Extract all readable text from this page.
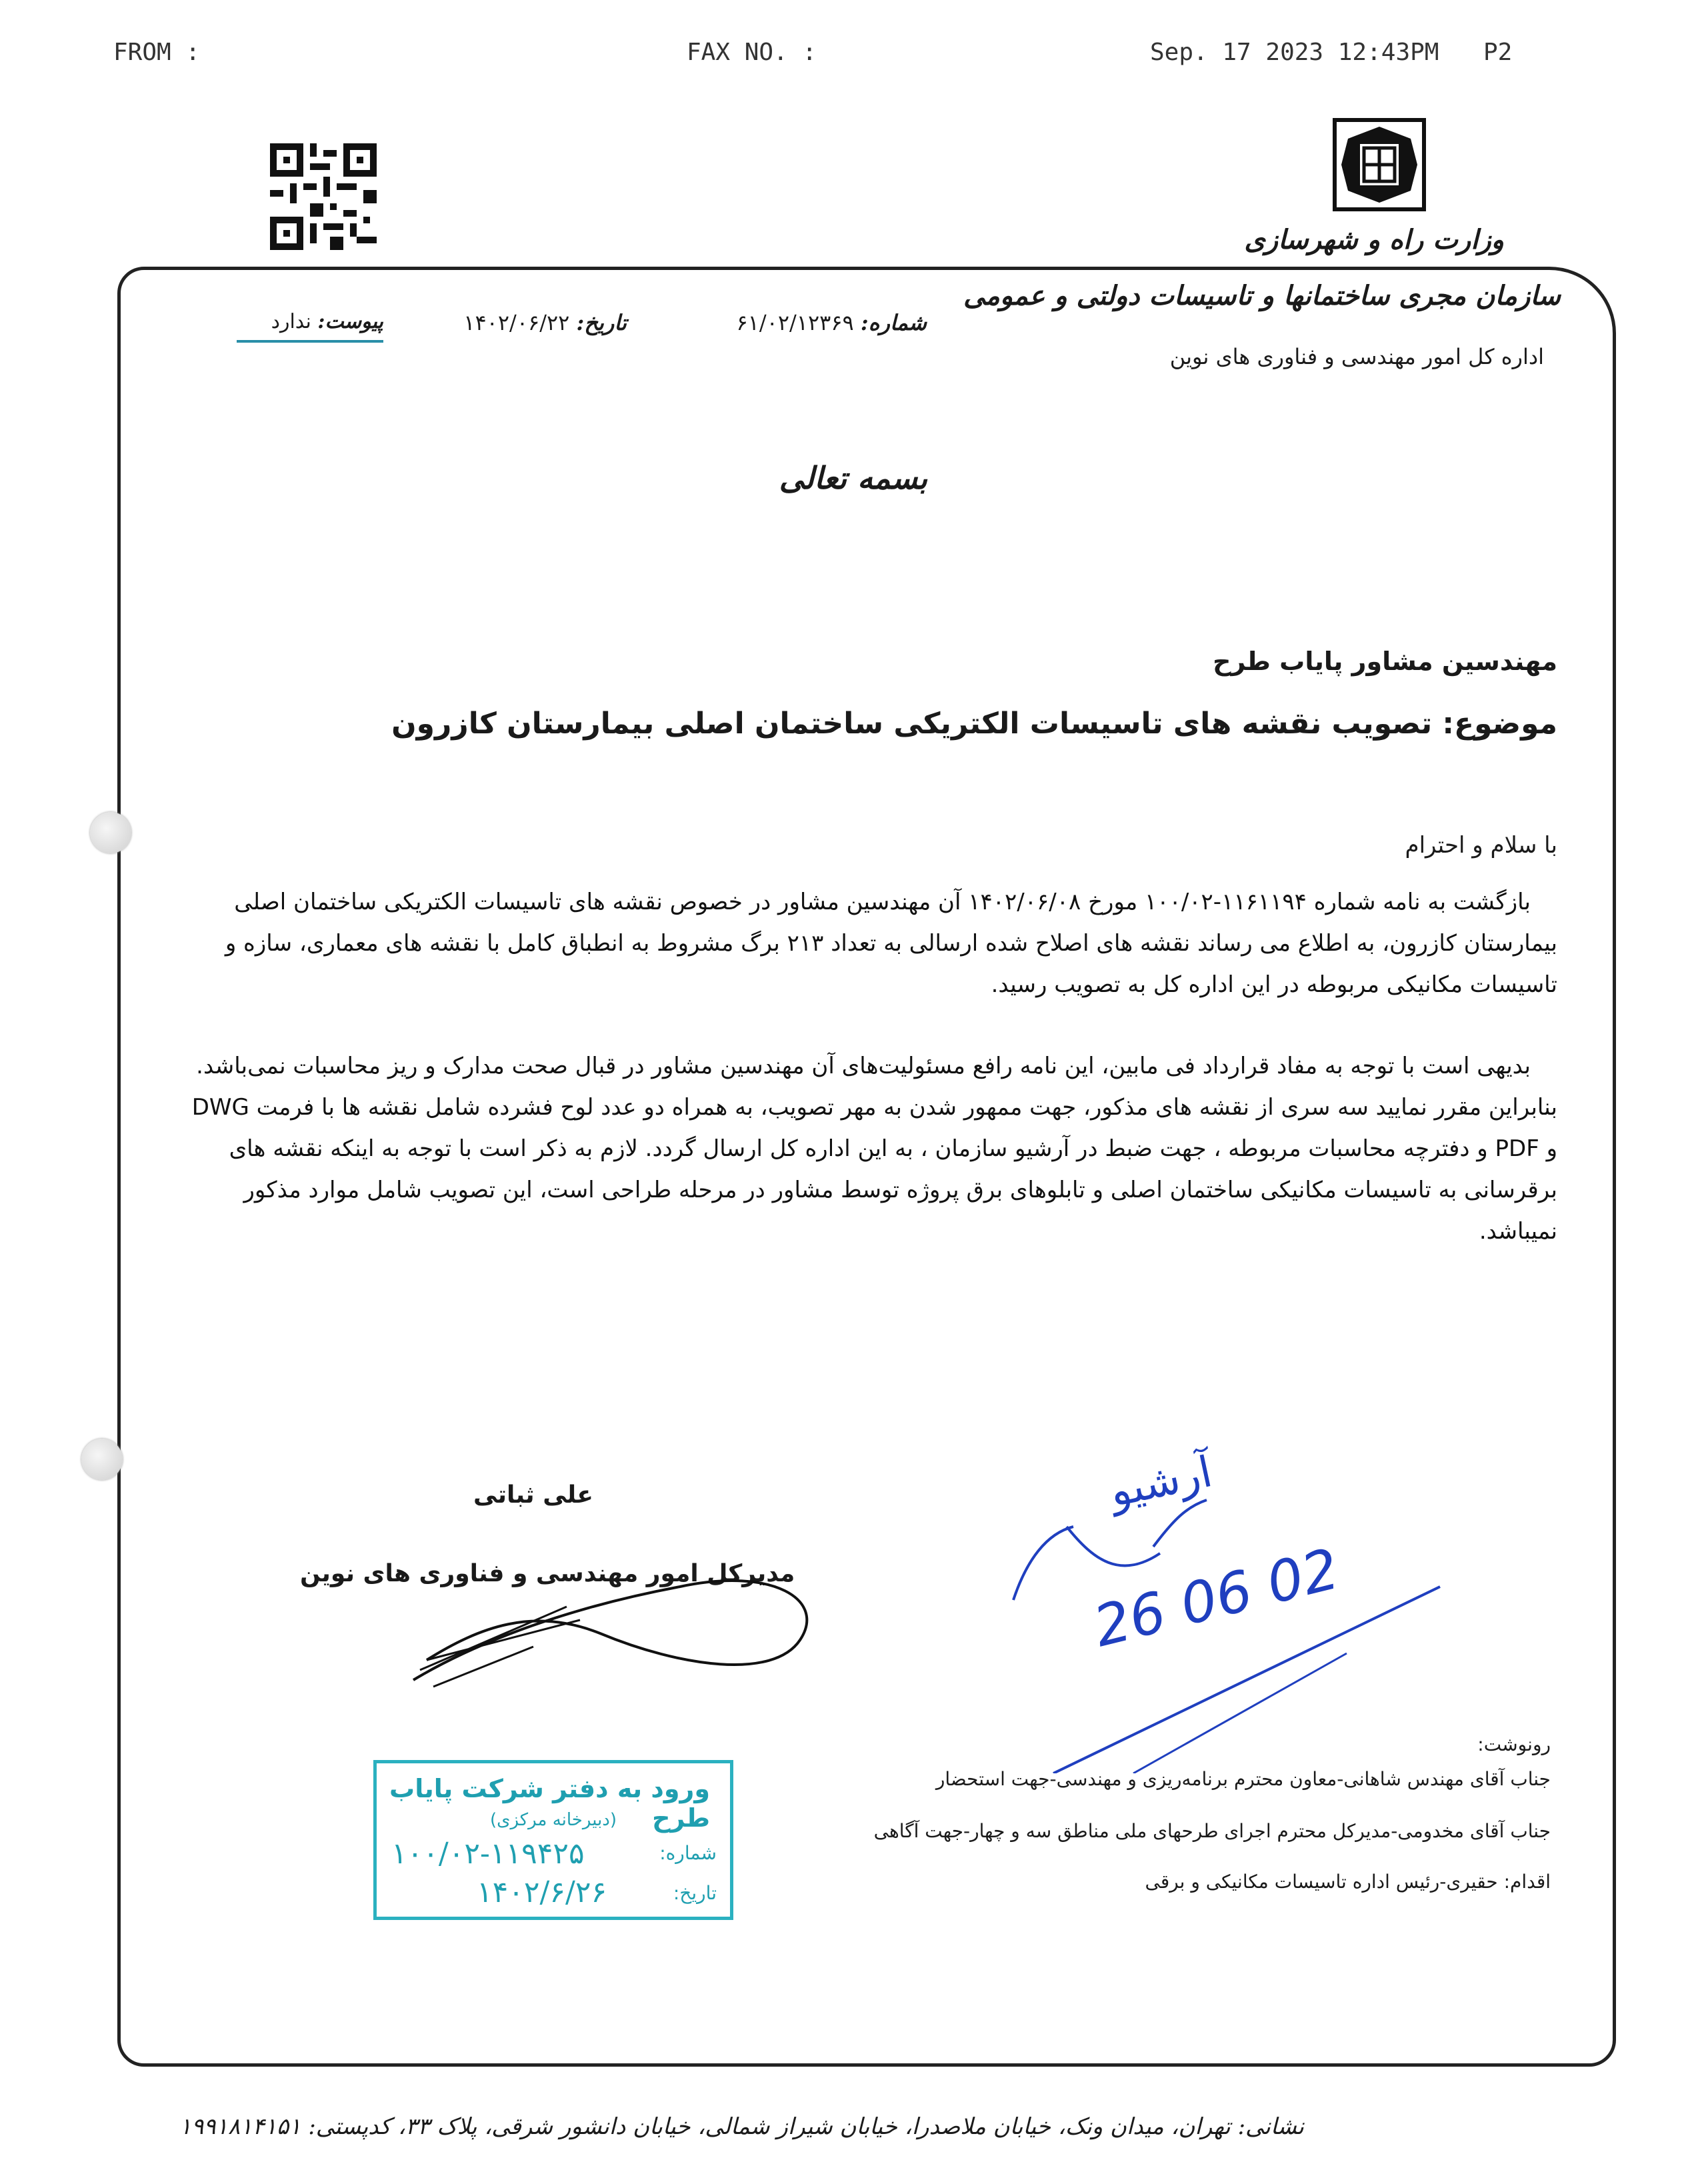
FROM :	FAX NO. :	Sep. 17 2023 12:43PM P2
وزارت راه و شهرسازی
سازمان مجری ساختمانها و تاسیسات دولتی و عمومی
اداره کل امور مهندسی و فناوری های نوین
شماره: ۶۱/۰۲/۱۲۳۶۹
تاریخ: ۱۴۰۲/۰۶/۲۲
پیوست: ندارد
بسمه تعالی
مهندسین مشاور پایاب طرح
موضوع: تصویب نقشه های تاسیسات الکتریکی ساختمان اصلی بیمارستان کازرون
با سلام و احترام
بازگشت به نامه شماره ۱۱۶۱۱۹۴-۱۰۰/۰۲ مورخ ۱۴۰۲/۰۶/۰۸ آن مهندسین مشاور در خصوص نقشه های تاسیسات الکتریکی ساختمان اصلی بیمارستان کازرون، به اطلاع می رساند نقشه های اصلاح شده ارسالی به تعداد ۲۱۳ برگ مشروط به انطباق کامل با نقشه های معماری، سازه و تاسیسات مکانیکی مربوطه در این اداره کل به تصویب رسید.
بدیهی است با توجه به مفاد قرارداد فی مابین، این نامه رافع مسئولیت‌های آن مهندسین مشاور در قبال صحت مدارک و ریز محاسبات نمی‌باشد. بنابراین مقرر نمایید سه سری از نقشه های مذکور، جهت ممهور شدن به مهر تصویب، به همراه دو عدد لوح فشرده شامل نقشه ها با فرمت DWG و PDF و دفترچه محاسبات مربوطه ، جهت ضبط در آرشیو سازمان ، به این اداره کل ارسال گردد. لازم به ذکر است با توجه به اینکه نقشه های برقرسانی به تاسیسات مکانیکی ساختمان اصلی و تابلوهای برق پروژه توسط مشاور در مرحله طراحی است، این تصویب شامل موارد مذکور نمیباشد.
علی ثباتی
مدیرکل امور مهندسی و فناوری های نوین
آرشیو
26 06 02
ورود به دفتر شرکت پایاب طرح
(دبیرخانه مرکزی)
شماره:
۱۰۰/۰۲-۱۱۹۴۲۵
تاریخ:
۱۴۰۲/۶/۲۶
رونوشت:
جناب آقای مهندس شاهانی-معاون محترم برنامه‌ریزی و مهندسی-جهت استحضار
جناب آقای مخدومی-مدیرکل محترم اجرای طرحهای ملی مناطق سه و چهار-جهت آگاهی
اقدام: حقیری-رئیس اداره تاسیسات مکانیکی و برقی
نشانی: تهران، میدان ونک، خیابان ملاصدرا، خیابان شیراز شمالی، خیابان دانشور شرقی، پلاک ۳۳، کدپستی: ۱۹۹۱۸۱۴۱۵۱
